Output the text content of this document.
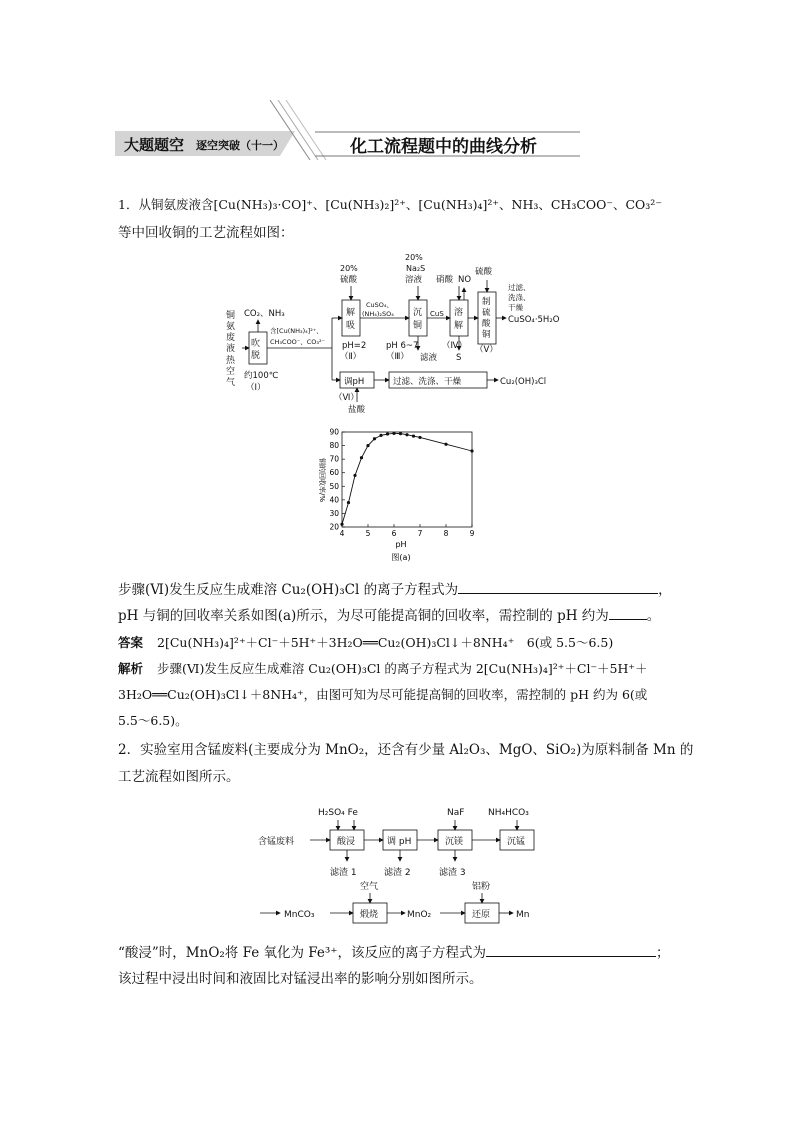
大题题空 逐空突破（十一）	化工流程题中的曲线分析
1．从铜氨废液含[Cu(NH₃)₃·CO]⁺、[Cu(NH₃)₂]²⁺、[Cu(NH₃)₄]²⁺、NH₃、CH₃COO⁻、CO₃²⁻
等中回收铜的工艺流程如图：
铜
氨
废
液
热
空
气
CO₂、NH₃
吹
脱
约100℃
（Ⅰ）
含[Cu(NH₃)₄]²⁺、
CH₃COO⁻、CO₃²⁻
20%
硫酸
解
吸
pH=2
（Ⅱ）
CuSO₄、
(NH₄)₂SO₄
20%
Na₂S
溶液
沉
铜
pH 6~7
（Ⅲ） 滤液
CuS
硝酸 NO
溶
解
（Ⅳ）
S
硫酸
制
硫
酸
铜
（Ⅴ）
过滤、
洗涤、
干燥
CuSO₄·5H₂O
调pH
（Ⅵ）
盐酸
过滤、洗涤、干燥	Cu₂(OH)₃Cl
4	5	6	7	8	9
20
30
40
50
60
70
80
90
pH
图(a)
铜的回收率/%
步骤(Ⅵ)发生反应生成难溶 Cu₂(OH)₃Cl 的离子方程式为	，
pH 与铜的回收率关系如图(a)所示，为尽可能提高铜的回收率，需控制的 pH 约为	。
答案 2[Cu(NH₃)₄]²⁺＋Cl⁻＋5H⁺＋3H₂O══Cu₂(OH)₃Cl↓＋8NH₄⁺　6(或 5.5～6.5)
解析 步骤(Ⅵ)发生反应生成难溶 Cu₂(OH)₃Cl 的离子方程式为 2[Cu(NH₃)₄]²⁺＋Cl⁻＋5H⁺＋
3H₂O══Cu₂(OH)₃Cl↓＋8NH₄⁺，由图可知为尽可能提高铜的回收率，需控制的 pH 约为 6(或
5.5～6.5)。
2．实验室用含锰废料(主要成分为 MnO₂，还含有少量 Al₂O₃、MgO、SiO₂)为原料制备 Mn 的
工艺流程如图所示。
含锰废料
H₂SO₄ Fe
酸浸
滤渣 1
调 pH
滤渣 2
NaF
沉镁
滤渣 3
NH₄HCO₃
沉锰
MnCO₃
空气
煅烧	MnO₂
铝粉
还原	Mn
“酸浸”时，MnO₂将 Fe 氧化为 Fe³⁺，该反应的离子方程式为	；
该过程中浸出时间和液固比对锰浸出率的影响分别如图所示。
